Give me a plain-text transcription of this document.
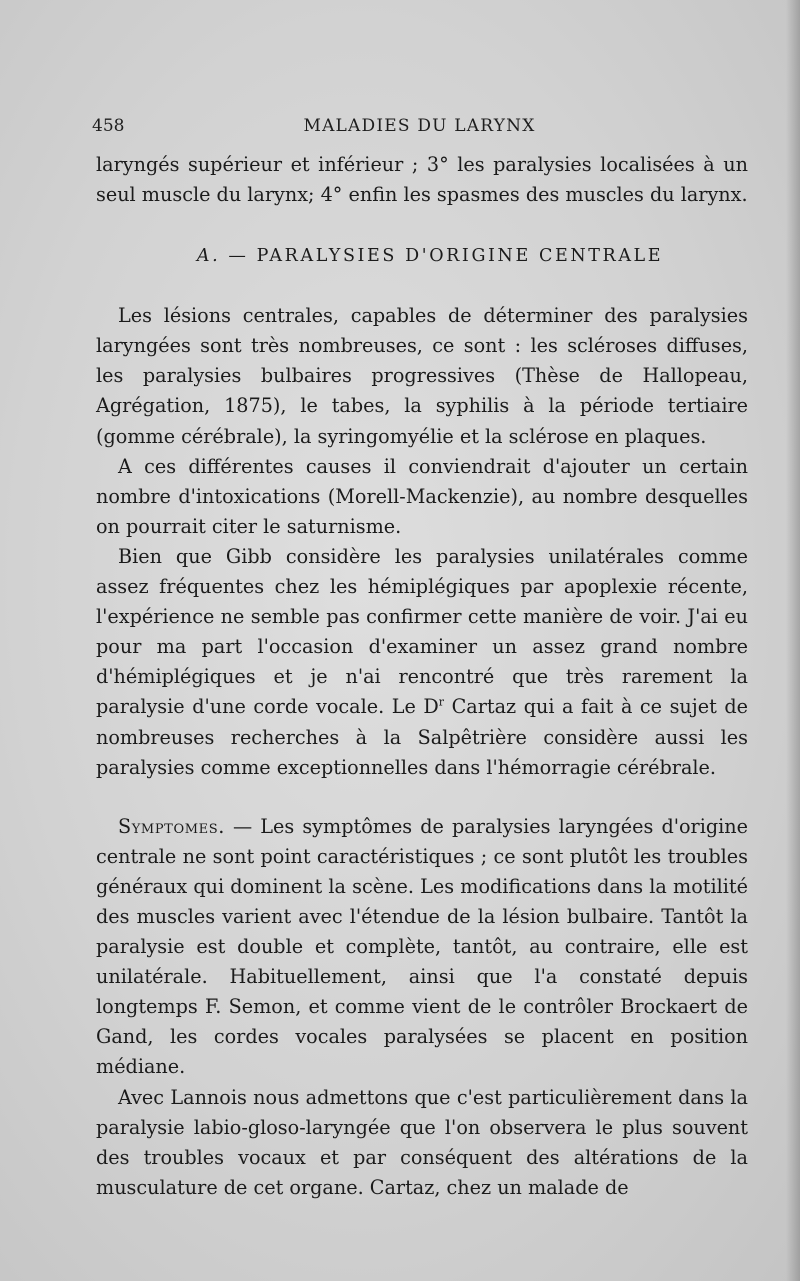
458	MALADIES DU LARYNX

laryngés supérieur et inférieur ; 3° les paralysies localisées à un seul muscle du larynx; 4° enfin les spasmes des muscles du larynx.

A. — PARALYSIES D'ORIGINE CENTRALE

Les lésions centrales, capables de déterminer des paralysies laryngées sont très nombreuses, ce sont : les scléroses diffuses, les paralysies bulbaires progressives (Thèse de Hallopeau, Agrégation, 1875), le tabes, la syphilis à la période tertiaire (gomme cérébrale), la syringomyélie et la sclérose en plaques.

A ces différentes causes il conviendrait d'ajouter un certain nombre d'intoxications (Morell-Mackenzie), au nombre desquelles on pourrait citer le saturnisme.

Bien que Gibb considère les paralysies unilatérales comme assez fréquentes chez les hémiplégiques par apoplexie récente, l'expérience ne semble pas confirmer cette manière de voir. J'ai eu pour ma part l'occasion d'examiner un assez grand nombre d'hémiplégiques et je n'ai rencontré que très rarement la paralysie d'une corde vocale. Le $D^r$ Cartaz qui a fait à ce sujet de nombreuses recherches à la Salpêtrière considère aussi les paralysies comme exceptionnelles dans l'hémorragie cérébrale.

Symptomes. — Les symptômes de paralysies laryngées d'origine centrale ne sont point caractéristiques ; ce sont plutôt les troubles généraux qui dominent la scène. Les modifications dans la motilité des muscles varient avec l'étendue de la lésion bulbaire. Tantôt la paralysie est double et complète, tantôt, au contraire, elle est unilatérale. Habituellement, ainsi que l'a constaté depuis longtemps F. Semon, et comme vient de le contrôler Brockaert de Gand, les cordes vocales paralysées se placent en position médiane.

Avec Lannois nous admettons que c'est particulièrement dans la paralysie labio-gloso-laryngée que l'on observera le plus souvent des troubles vocaux et par conséquent des altérations de la musculature de cet organe. Cartaz, chez un malade de
